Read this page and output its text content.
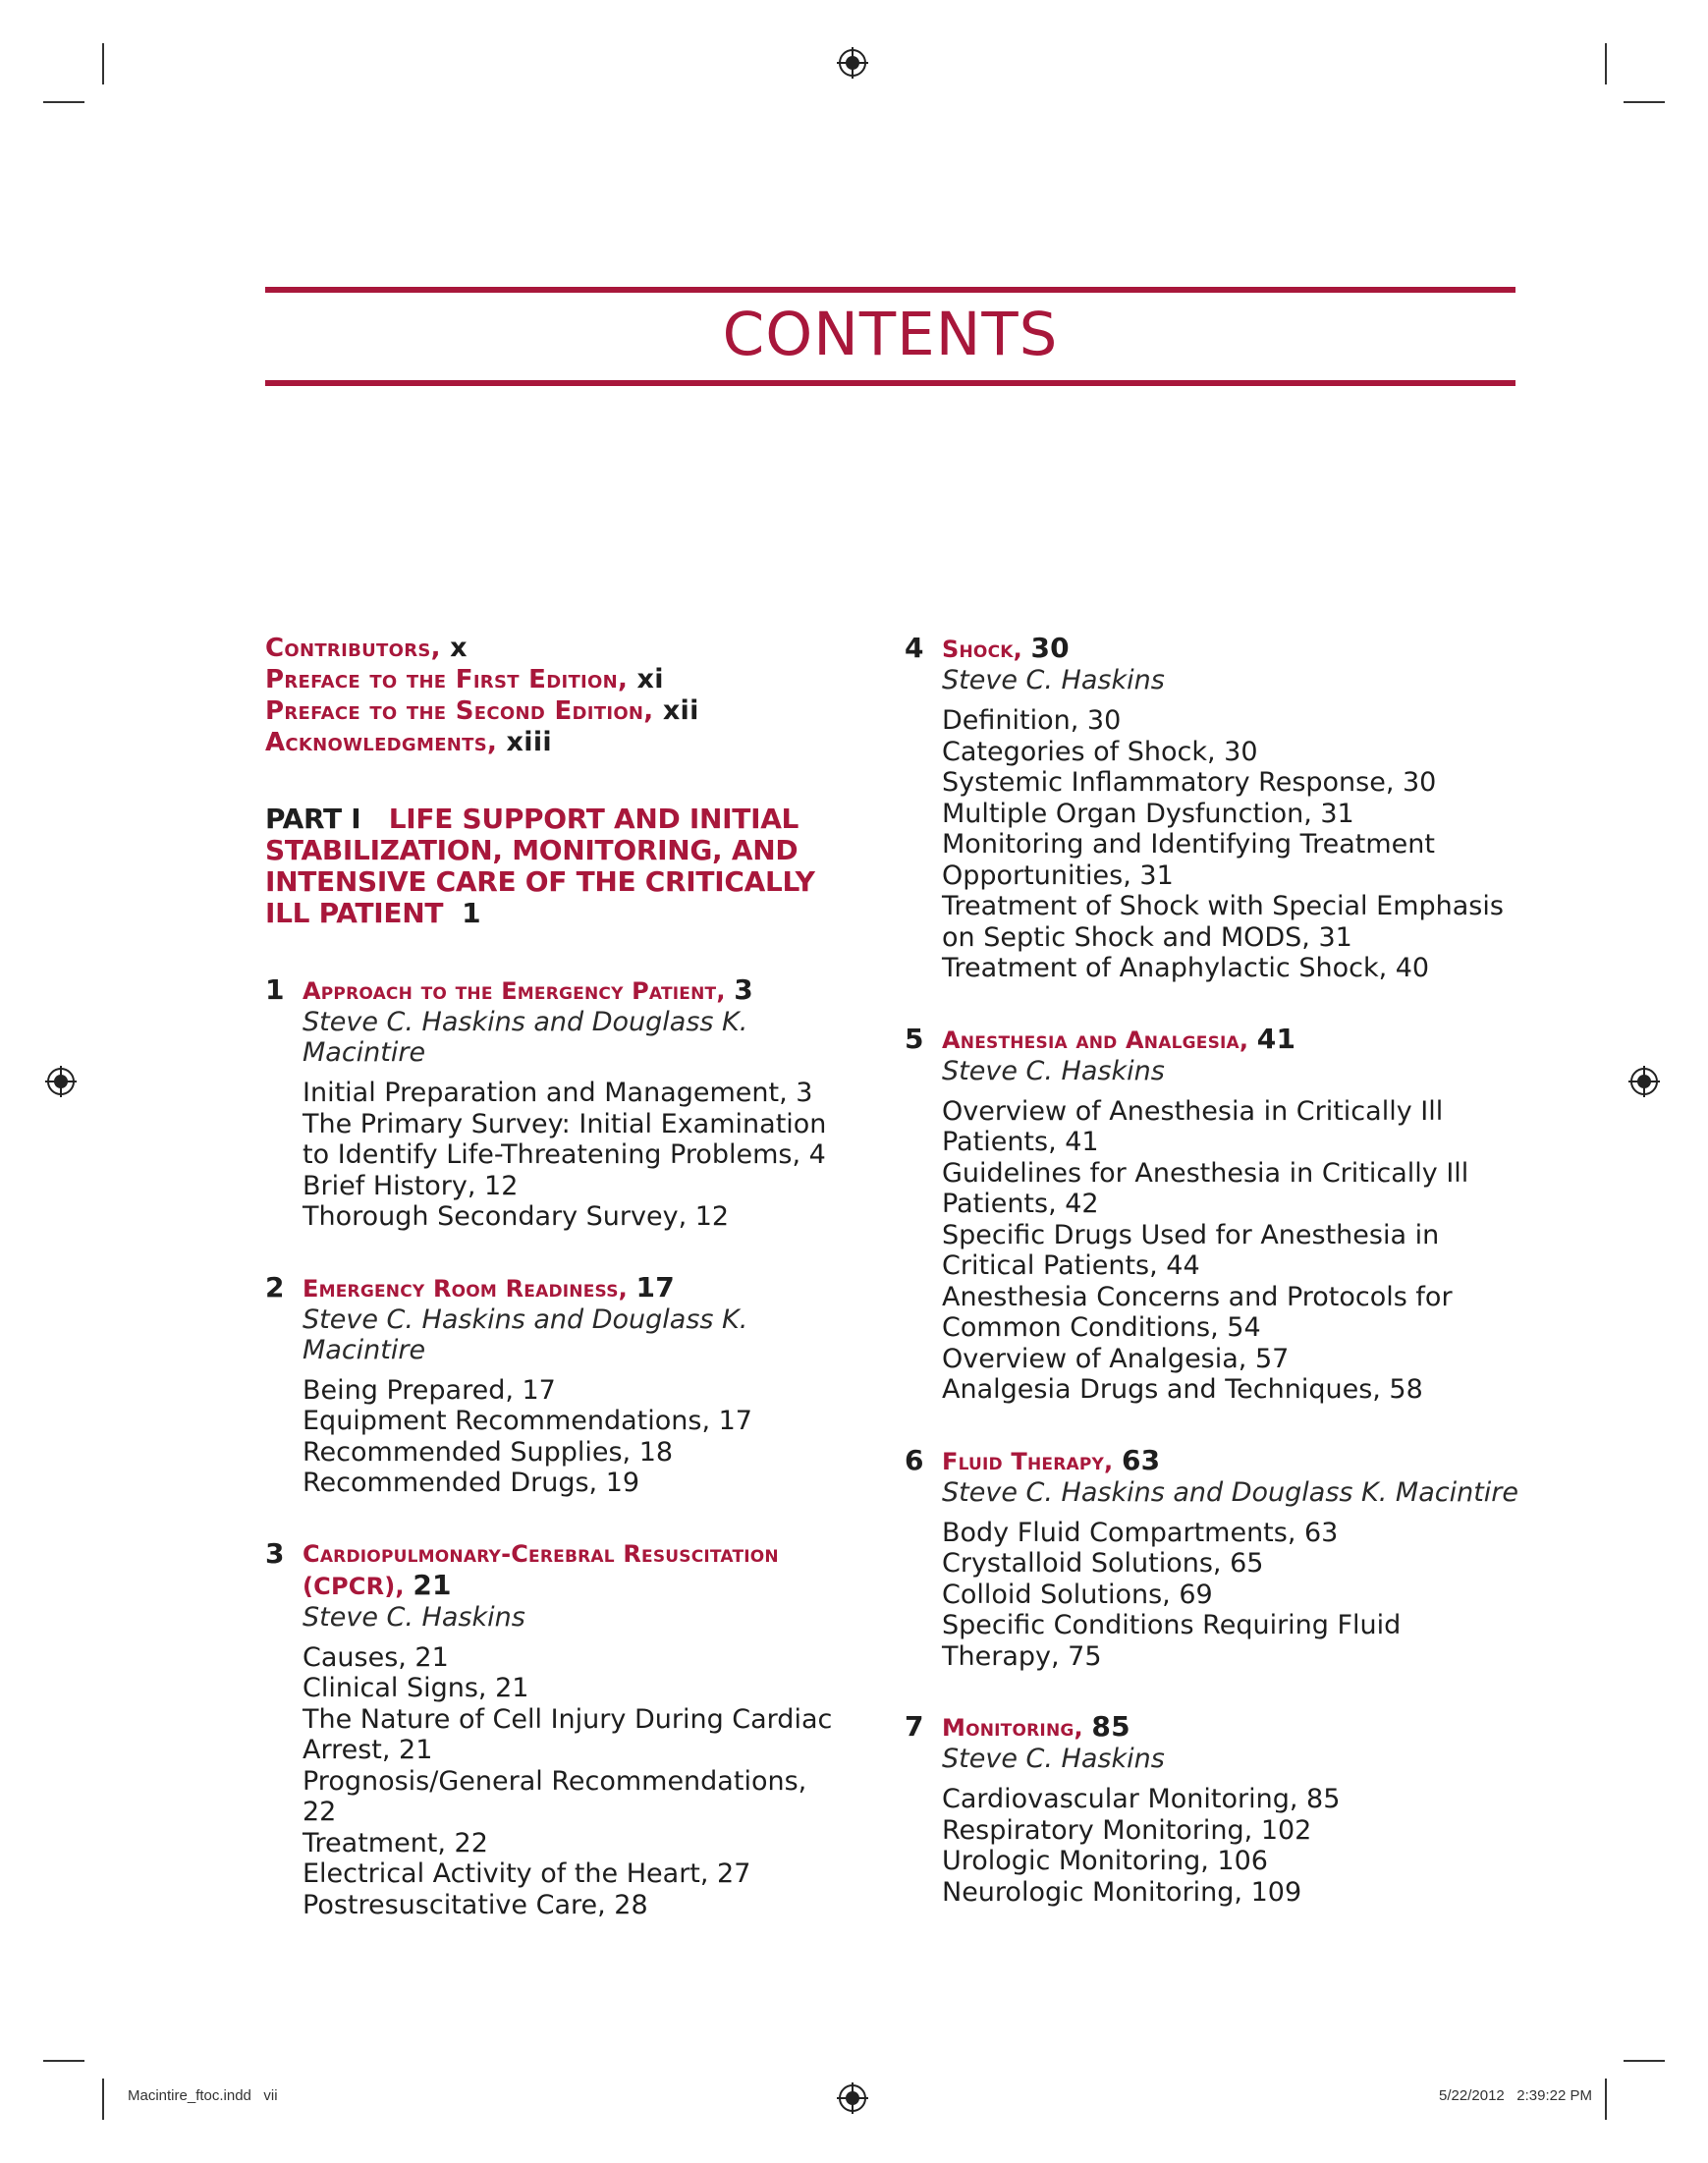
CONTENTS
Contributors, x
Preface to the First Edition, xi
Preface to the Second Edition, xii
Acknowledgments, xiii
PART I LIFE SUPPORT AND INITIAL STABILIZATION, MONITORING, AND INTENSIVE CARE OF THE CRITICALLY ILL PATIENT 1
1 Approach to the Emergency Patient, 3
Steve C. Haskins and Douglass K. Macintire
Initial Preparation and Management, 3
The Primary Survey: Initial Examination to Identify Life-Threatening Problems, 4
Brief History, 12
Thorough Secondary Survey, 12
2 Emergency Room Readiness, 17
Steve C. Haskins and Douglass K. Macintire
Being Prepared, 17
Equipment Recommendations, 17
Recommended Supplies, 18
Recommended Drugs, 19
3 Cardiopulmonary-Cerebral Resuscitation (CPCR), 21
Steve C. Haskins
Causes, 21
Clinical Signs, 21
The Nature of Cell Injury During Cardiac Arrest, 21
Prognosis/General Recommendations, 22
Treatment, 22
Electrical Activity of the Heart, 27
Postresuscitative Care, 28
4 Shock, 30
Steve C. Haskins
Definition, 30
Categories of Shock, 30
Systemic Inflammatory Response, 30
Multiple Organ Dysfunction, 31
Monitoring and Identifying Treatment Opportunities, 31
Treatment of Shock with Special Emphasis on Septic Shock and MODS, 31
Treatment of Anaphylactic Shock, 40
5 Anesthesia and Analgesia, 41
Steve C. Haskins
Overview of Anesthesia in Critically Ill Patients, 41
Guidelines for Anesthesia in Critically Ill Patients, 42
Specific Drugs Used for Anesthesia in Critical Patients, 44
Anesthesia Concerns and Protocols for Common Conditions, 54
Overview of Analgesia, 57
Analgesia Drugs and Techniques, 58
6 Fluid Therapy, 63
Steve C. Haskins and Douglass K. Macintire
Body Fluid Compartments, 63
Crystalloid Solutions, 65
Colloid Solutions, 69
Specific Conditions Requiring Fluid Therapy, 75
7 Monitoring, 85
Steve C. Haskins
Cardiovascular Monitoring, 85
Respiratory Monitoring, 102
Urologic Monitoring, 106
Neurologic Monitoring, 109
Macintire_ftoc.indd   vii	5/22/2012   2:39:22 PM
